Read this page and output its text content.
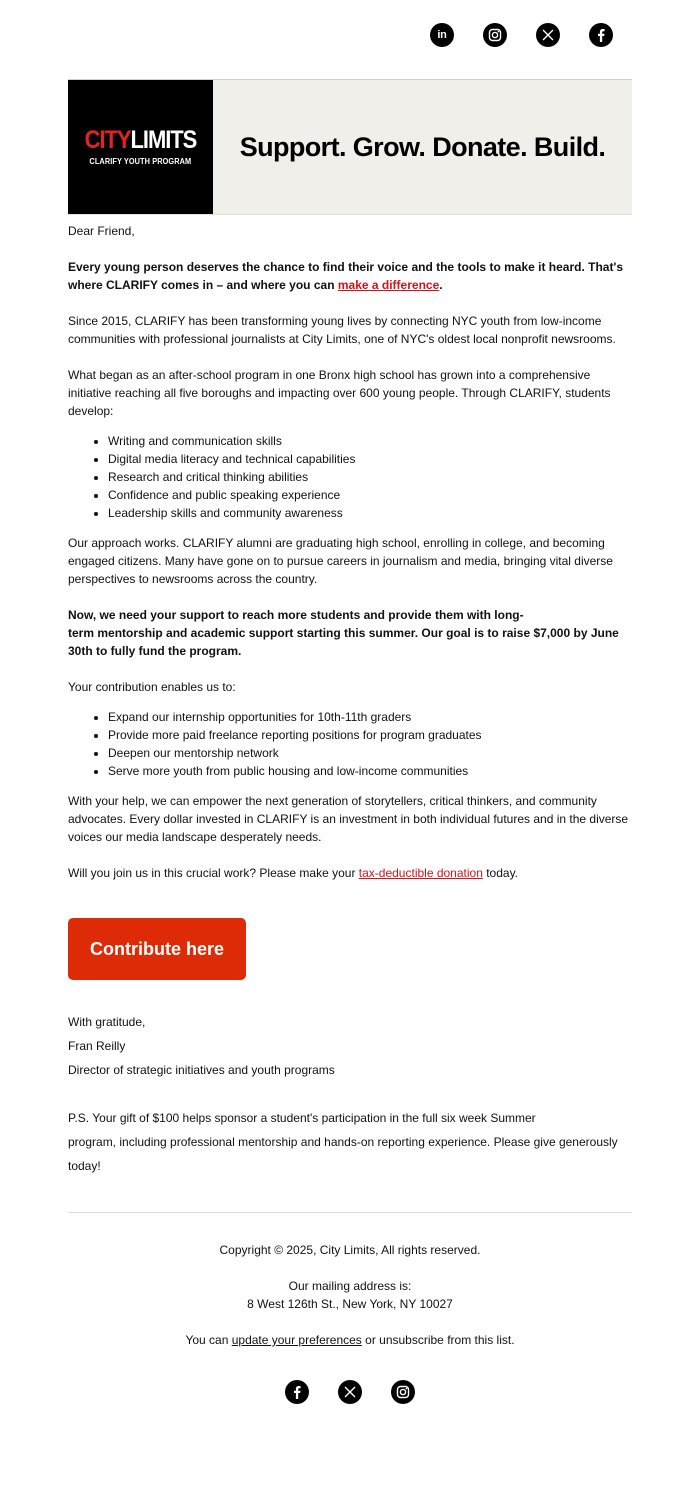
in
CITYLIMITS
CLARIFY YOUTH PROGRAM Support. Grow. Donate. Build.

Dear Friend,

Every young person deserves the chance to find their voice and the tools to make it heard. That's where CLARIFY comes in – and where you can make a difference.

Since 2015, CLARIFY has been transforming young lives by connecting NYC youth from low-income communities with professional journalists at City Limits, one of NYC's oldest local nonprofit newsrooms.

What began as an after-school program in one Bronx high school has grown into a comprehensive initiative reaching all five boroughs and impacting over 600 young people. Through CLARIFY, students develop:

• Writing and communication skills
• Digital media literacy and technical capabilities
• Research and critical thinking abilities
• Confidence and public speaking experience
• Leadership skills and community awareness

Our approach works. CLARIFY alumni are graduating high school, enrolling in college, and becoming engaged citizens. Many have gone on to pursue careers in journalism and media, bringing vital diverse perspectives to newsrooms across the country.

Now, we need your support to reach more students and provide them with long-
term mentorship and academic support starting this summer. Our goal is to raise $7,000 by June 30th to fully fund the program.

Your contribution enables us to:

• Expand our internship opportunities for 10th-11th graders
• Provide more paid freelance reporting positions for program graduates
• Deepen our mentorship network
• Serve more youth from public housing and low-income communities

With your help, we can empower the next generation of storytellers, critical thinkers, and community advocates. Every dollar invested in CLARIFY is an investment in both individual futures and in the diverse voices our media landscape desperately needs.

Will you join us in this crucial work? Please make your tax-deductible donation today.

Contribute here
With gratitude,
Fran Reilly
Director of strategic initiatives and youth programs
P.S. Your gift of $100 helps sponsor a student's participation in the full six week Summer
program, including professional mentorship and hands-on reporting experience. Please give generously today!

Copyright © 2025, City Limits, All rights reserved.

Our mailing address is:
8 West 126th St., New York, NY 10027

You can update your preferences or unsubscribe from this list.
